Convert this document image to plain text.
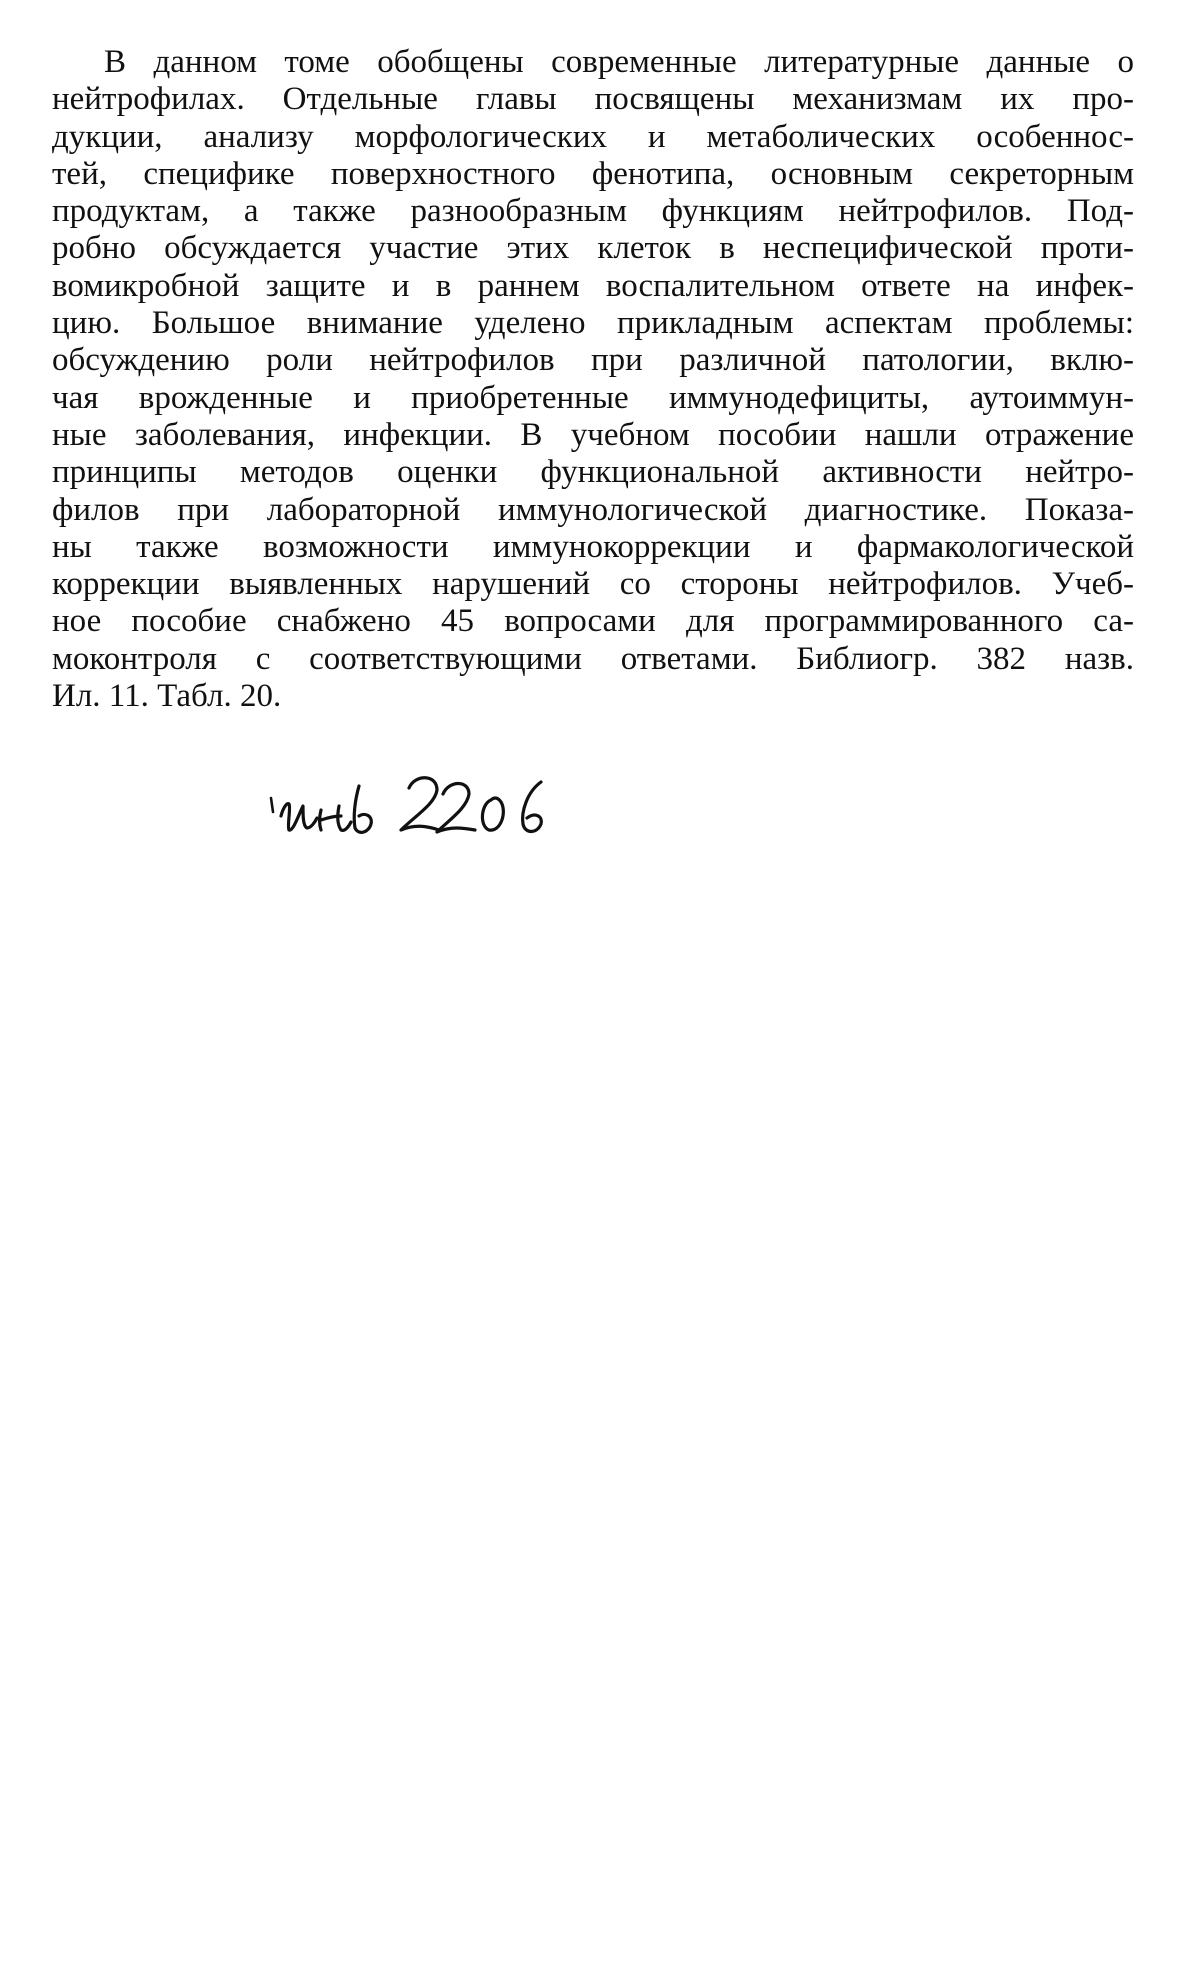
В данном томе обобщены современные литературные данные о
нейтрофилах. Отдельные главы посвящены механизмам их про-
дукции, анализу морфологических и метаболических особеннос-
тей, специфике поверхностного фенотипа, основным секреторным
продуктам, а также разнообразным функциям нейтрофилов. Под-
робно обсуждается участие этих клеток в неспецифической проти-
вомикробной защите и в раннем воспалительном ответе на инфек-
цию. Большое внимание уделено прикладным аспектам проблемы:
обсуждению роли нейтрофилов при различной патологии, вклю-
чая врожденные и приобретенные иммунодефициты, аутоиммун-
ные заболевания, инфекции. В учебном пособии нашли отражение
принципы методов оценки функциональной активности нейтро-
филов при лабораторной иммунологической диагностике. Показа-
ны также возможности иммунокоррекции и фармакологической
коррекции выявленных нарушений со стороны нейтрофилов. Учеб-
ное пособие снабжено 45 вопросами для программированного са-
моконтроля с соответствующими ответами. Библиогр. 382 назв.
Ил. 11. Табл. 20.
